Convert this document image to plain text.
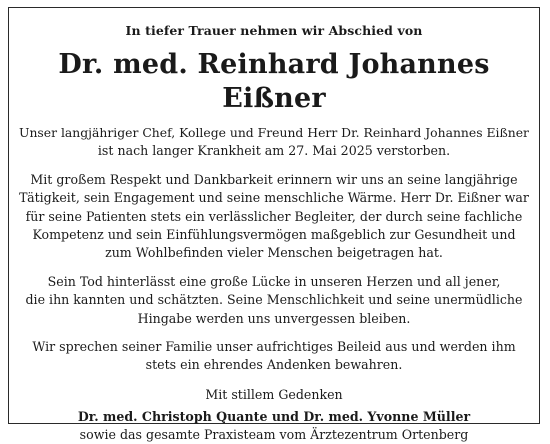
In tiefer Trauer nehmen wir Abschied von
Dr. med. Reinhard Johannes Eißner
Unser langjähriger Chef, Kollege und Freund Herr Dr. Reinhard Johannes Eißner
ist nach langer Krankheit am 27. Mai 2025 verstorben.
Mit großem Respekt und Dankbarkeit erinnern wir uns an seine langjährige
Tätigkeit, sein Engagement und seine menschliche Wärme. Herr Dr. Eißner war
für seine Patienten stets ein verlässlicher Begleiter, der durch seine fachliche
Kompetenz und sein Einfühlungsvermögen maßgeblich zur Gesundheit und
zum Wohlbefinden vieler Menschen beigetragen hat.
Sein Tod hinterlässt eine große Lücke in unseren Herzen und all jener,
die ihn kannten und schätzten. Seine Menschlichkeit und seine unermüdliche
Hingabe werden uns unvergessen bleiben.
Wir sprechen seiner Familie unser aufrichtiges Beileid aus und werden ihm
stets ein ehrendes Andenken bewahren.
Mit stillem Gedenken
Dr. med. Christoph Quante und Dr. med. Yvonne Müller
sowie das gesamte Praxisteam vom Ärztezentrum Ortenberg
